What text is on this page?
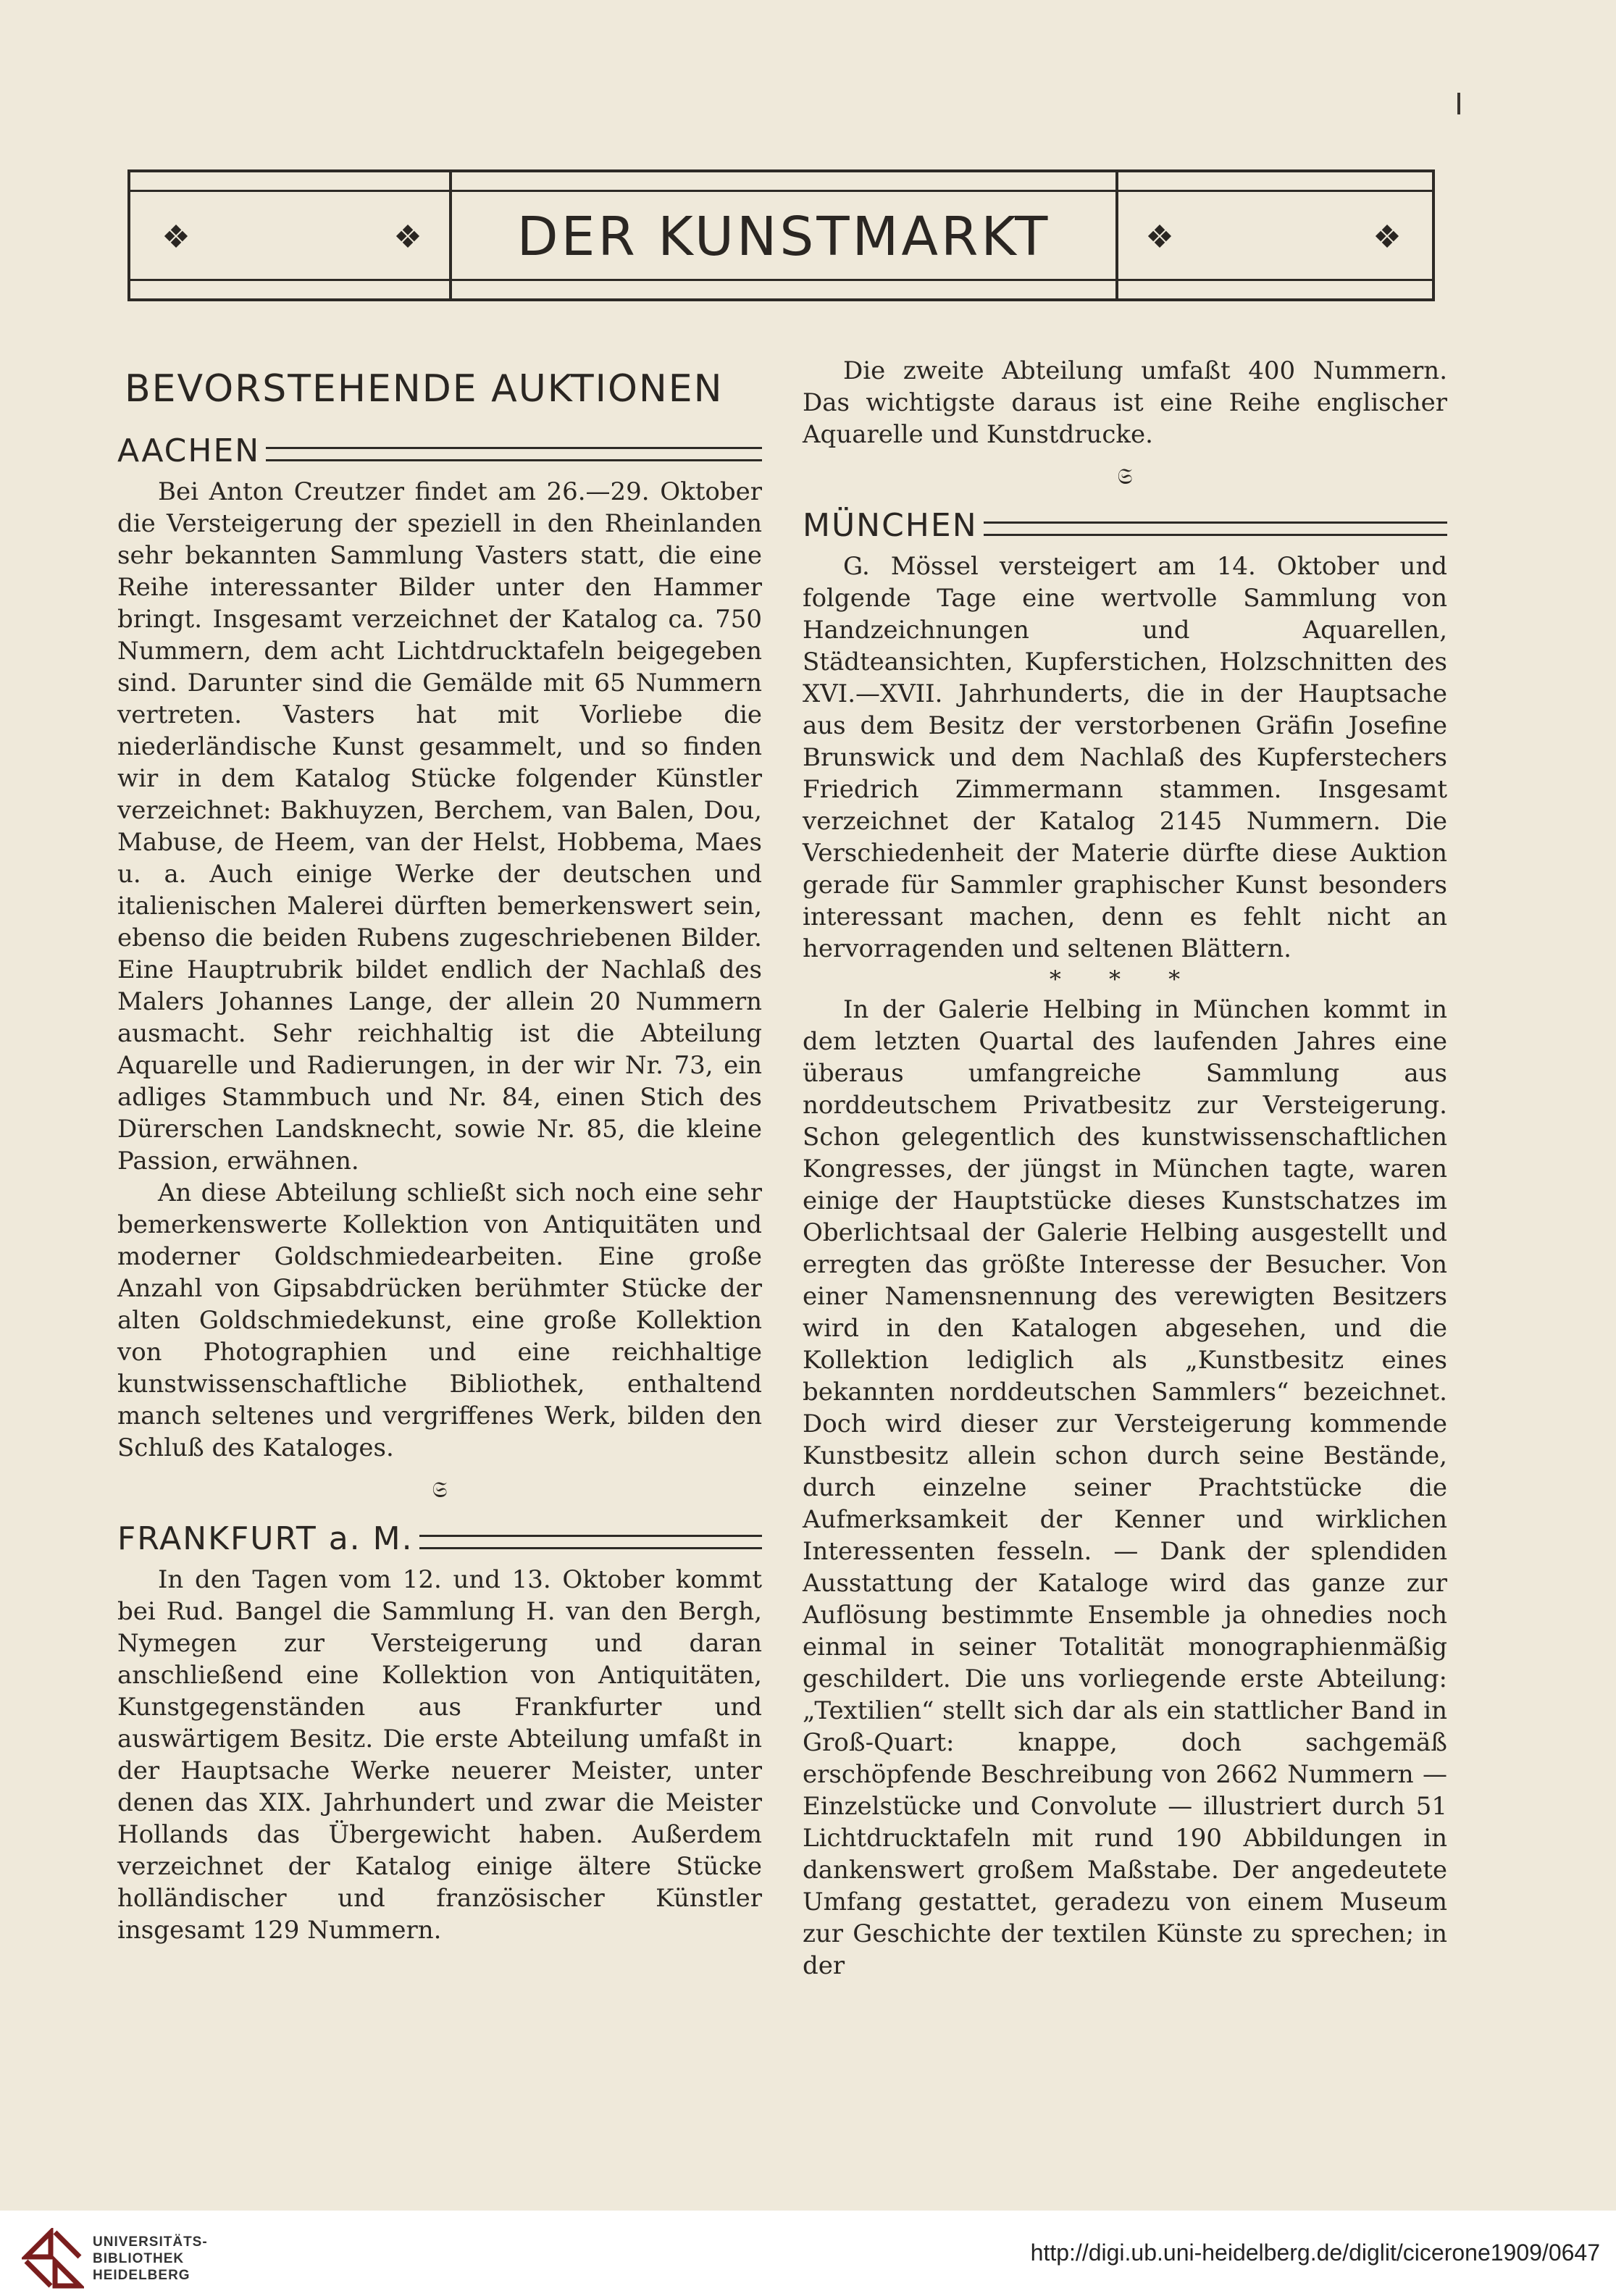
❖	❖	DER KUNSTMARKT	❖	❖
BEVORSTEHENDE AUKTIONEN
AACHEN

Bei Anton Creutzer findet am 26.—29. Oktober die Versteigerung der speziell in den Rheinlanden sehr bekannten Sammlung Vasters statt, die eine Reihe interessanter Bilder unter den Hammer bringt. Insgesamt verzeichnet der Katalog ca. 750 Nummern, dem acht Lichtdrucktafeln beigegeben sind. Darunter sind die Gemälde mit 65 Nummern vertreten. Vasters hat mit Vorliebe die niederländische Kunst gesammelt, und so finden wir in dem Katalog Stücke folgender Künstler verzeichnet: Bakhuyzen, Berchem, van Balen, Dou, Mabuse, de Heem, van der Helst, Hobbema, Maes u. a. Auch einige Werke der deutschen und italienischen Malerei dürften bemerkenswert sein, ebenso die beiden Rubens zugeschriebenen Bilder. Eine Hauptrubrik bildet endlich der Nachlaß des Malers Johannes Lange, der allein 20 Nummern ausmacht. Sehr reichhaltig ist die Abteilung Aquarelle und Radierungen, in der wir Nr. 73, ein adliges Stammbuch und Nr. 84, einen Stich des Dürerschen Landsknecht, sowie Nr. 85, die kleine Passion, erwähnen.

An diese Abteilung schließt sich noch eine sehr bemerkenswerte Kollektion von Antiquitäten und moderner Goldschmiedearbeiten. Eine große Anzahl von Gipsabdrücken berühmter Stücke der alten Goldschmiedekunst, eine große Kollektion von Photographien und eine reichhaltige kunstwissenschaftliche Bibliothek, enthaltend manch seltenes und vergriffenes Werk, bilden den Schluß des Kataloges.

𝔖
FRANKFURT a. M.

In den Tagen vom 12. und 13. Oktober kommt bei Rud. Bangel die Sammlung H. van den Bergh, Nymegen zur Versteigerung und daran anschließend eine Kollektion von Antiquitäten, Kunstgegenständen aus Frankfurter und auswärtigem Besitz. Die erste Abteilung umfaßt in der Hauptsache Werke neuerer Meister, unter denen das XIX. Jahrhundert und zwar die Meister Hollands das Übergewicht haben. Außerdem verzeichnet der Katalog einige ältere Stücke holländischer und französischer Künstler insgesamt 129 Nummern.

Die zweite Abteilung umfaßt 400 Nummern. Das wichtigste daraus ist eine Reihe englischer Aquarelle und Kunstdrucke.

𝔖
MÜNCHEN

G. Mössel versteigert am 14. Oktober und folgende Tage eine wertvolle Sammlung von Handzeichnungen und Aquarellen, Städteansichten, Kupferstichen, Holzschnitten des XVI.—XVII. Jahrhunderts, die in der Hauptsache aus dem Besitz der verstorbenen Gräfin Josefine Brunswick und dem Nachlaß des Kupferstechers Friedrich Zimmermann stammen. Insgesamt verzeichnet der Katalog 2145 Nummern. Die Verschiedenheit der Materie dürfte diese Auktion gerade für Sammler graphischer Kunst besonders interessant machen, denn es fehlt nicht an hervorragenden und seltenen Blättern.

* * *

In der Galerie Helbing in München kommt in dem letzten Quartal des laufenden Jahres eine überaus umfangreiche Sammlung aus norddeutschem Privatbesitz zur Versteigerung. Schon gelegentlich des kunstwissenschaftlichen Kongresses, der jüngst in München tagte, waren einige der Hauptstücke dieses Kunstschatzes im Oberlichtsaal der Galerie Helbing ausgestellt und erregten das größte Interesse der Besucher. Von einer Namensnennung des verewigten Besitzers wird in den Katalogen abgesehen, und die Kollektion lediglich als „Kunstbesitz eines bekannten norddeutschen Sammlers“ bezeichnet. Doch wird dieser zur Versteigerung kommende Kunstbesitz allein schon durch seine Bestände, durch einzelne seiner Prachtstücke die Aufmerksamkeit der Kenner und wirklichen Interessenten fesseln. — Dank der splendiden Ausstattung der Kataloge wird das ganze zur Auflösung bestimmte Ensemble ja ohnedies noch einmal in seiner Totalität monographienmäßig geschildert. Die uns vorliegende erste Abteilung: „Textilien“ stellt sich dar als ein stattlicher Band in Groß-Quart: knappe, doch sachgemäß erschöpfende Beschreibung von 2662 Nummern — Einzelstücke und Convolute — illustriert durch 51 Lichtdrucktafeln mit rund 190 Abbildungen in dankenswert großem Maßstabe. Der angedeutete Umfang gestattet, geradezu von einem Museum zur Geschichte der textilen Künste zu sprechen; in der

UNIVERSITÄTS-
BIBLIOTHEK
HEIDELBERG
http://digi.ub.uni-heidelberg.de/diglit/cicerone1909/0647
